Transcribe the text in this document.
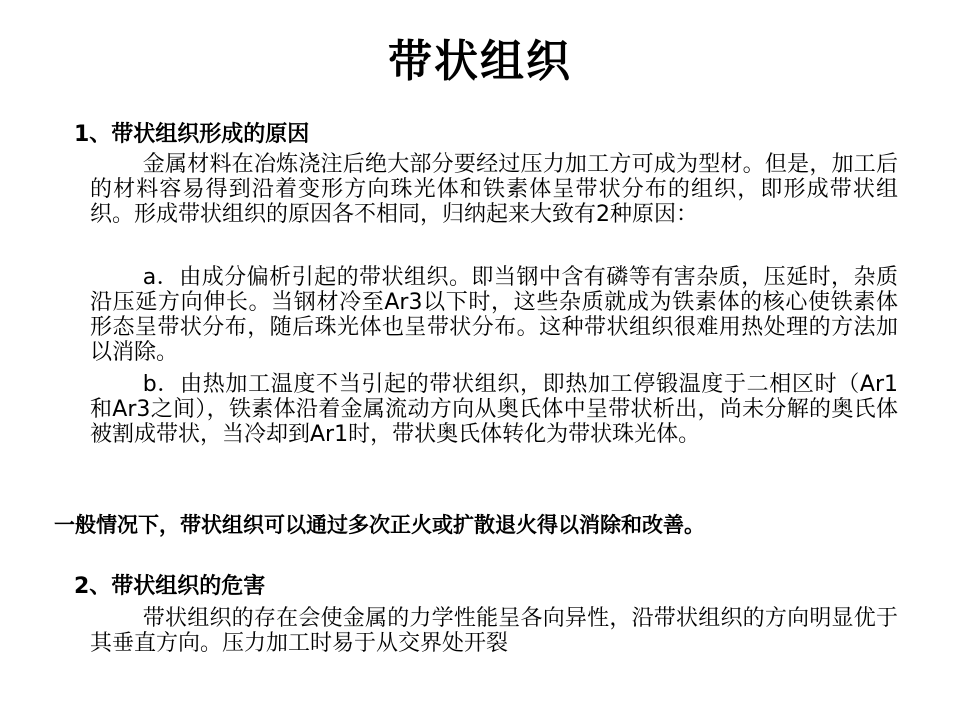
带状组织
1、带状组织形成的原因

金属材料在冶炼浇注后绝大部分要经过压力加工方可成为型材。但是，加工后的材料容易得到沿着变形方向珠光体和铁素体呈带状分布的组织，即形成带状组织。形成带状组织的原因各不相同，归纳起来大致有2种原因：

a．由成分偏析引起的带状组织。即当钢中含有磷等有害杂质，压延时，杂质沿压延方向伸长。当钢材冷至Ar3以下时，这些杂质就成为铁素体的核心使铁素体形态呈带状分布，随后珠光体也呈带状分布。这种带状组织很难用热处理的方法加以消除。

b．由热加工温度不当引起的带状组织，即热加工停锻温度于二相区时（Ar1和Ar3之间），铁素体沿着金属流动方向从奥氏体中呈带状析出，尚未分解的奥氏体被割成带状，当冷却到Ar1时，带状奥氏体转化为带状珠光体。

一般情况下，带状组织可以通过多次正火或扩散退火得以消除和改善。
2、带状组织的危害

带状组织的存在会使金属的力学性能呈各向异性，沿带状组织的方向明显优于其垂直方向。压力加工时易于从交界处开裂
